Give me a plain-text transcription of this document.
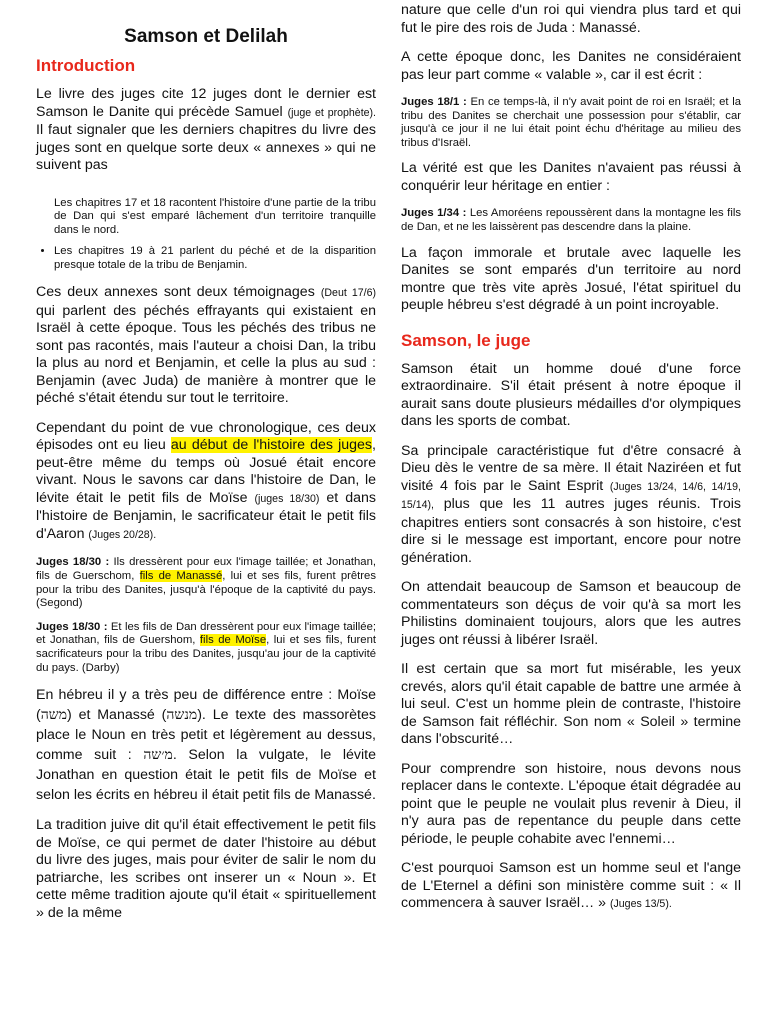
Samson et Delilah
Introduction

Le livre des juges cite 12 juges dont le dernier est Samson le Danite qui précède Samuel (juge et prophète). Il faut signaler que les derniers chapitres du livre des juges sont en quelque sorte deux « annexes » qui ne suivent pas

Les chapitres 17 et 18 racontent l'histoire d'une partie de la tribu de Dan qui s'est emparé lâchement d'un territoire tranquille dans le nord.
• Les chapitres 19 à 21 parlent du péché et de la disparition presque totale de la tribu de Benjamin.

Ces deux annexes sont deux témoignages (Deut 17/6) qui parlent des péchés effrayants qui existaient en Israël à cette époque. Tous les péchés des tribus ne sont pas racontés, mais l'auteur a choisi Dan, la tribu la plus au nord et Benjamin, et celle la plus au sud : Benjamin (avec Juda) de manière à montrer que le péché s'était étendu sur tout le territoire.

Cependant du point de vue chronologique, ces deux épisodes ont eu lieu au début de l'histoire des juges, peut-être même du temps où Josué était encore vivant. Nous le savons car dans l'histoire de Dan, le lévite était le petit fils de Moïse (juges 18/30) et dans l'histoire de Benjamin, le sacrificateur était le petit fils d'Aaron (Juges 20/28).

Juges 18/30 : Ils dressèrent pour eux l'image taillée; et Jonathan, fils de Guerschom, fils de Manassé, lui et ses fils, furent prêtres pour la tribu des Danites, jusqu'à l'époque de la captivité du pays. (Segond)

Juges 18/30 : Et les fils de Dan dressèrent pour eux l'image taillée; et Jonathan, fils de Guershom, fils de Moïse, lui et ses fils, furent sacrificateurs pour la tribu des Danites, jusqu'au jour de la captivité du pays. (Darby)

En hébreu il y a très peu de différence entre : Moïse (משה) et Manassé (מנשה). Le texte des massorètes place le Noun en très petit et légèrement au dessus, comme suit : מ׳שה. Selon la vulgate, le lévite Jonathan en question était le petit fils de Moïse et selon les écrits en hébreu il était petit fils de Manassé.

La tradition juive dit qu'il était effectivement le petit fils de Moïse, ce qui permet de dater l'histoire au début du livre des juges, mais pour éviter de salir le nom du patriarche, les scribes ont inserer un « Noun ». Et cette même tradition ajoute qu'il était « spirituellement » de la même

nature que celle d'un roi qui viendra plus tard et qui fut le pire des rois de Juda : Manassé.

A cette époque donc, les Danites ne considéraient pas leur part comme « valable », car il est écrit :

Juges 18/1 : En ce temps-là, il n'y avait point de roi en Israël; et la tribu des Danites se cherchait une possession pour s'établir, car jusqu'à ce jour il ne lui était point échu d'héritage au milieu des tribus d'Israël.

La vérité est que les Danites n'avaient pas réussi à conquérir leur héritage en entier :

Juges 1/34 : Les Amoréens repoussèrent dans la montagne les fils de Dan, et ne les laissèrent pas descendre dans la plaine.

La façon immorale et brutale avec laquelle les Danites se sont emparés d'un territoire au nord montre que très vite après Josué, l'état spirituel du peuple hébreu s'est dégradé à un point incroyable.

Samson, le juge

Samson était un homme doué d'une force extraordinaire. S'il était présent à notre époque il aurait sans doute plusieurs médailles d'or olympiques dans les sports de combat.

Sa principale caractéristique fut d'être consacré à Dieu dès le ventre de sa mère. Il était Naziréen et fut visité 4 fois par le Saint Esprit (Juges 13/24, 14/6, 14/19, 15/14), plus que les 11 autres juges réunis. Trois chapitres entiers sont consacrés à son histoire, c'est dire si le message est important, encore pour notre génération.

On attendait beaucoup de Samson et beaucoup de commentateurs son déçus de voir qu'à sa mort les Philistins dominaient toujours, alors que les autres juges ont réussi à libérer Israël.

Il est certain que sa mort fut misérable, les yeux crevés, alors qu'il était capable de battre une armée à lui seul. C'est un homme plein de contraste, l'histoire de Samson fait réfléchir. Son nom « Soleil » termine dans l'obscurité…

Pour comprendre son histoire, nous devons nous replacer dans le contexte. L'époque était dégradée au point que le peuple ne voulait plus revenir à Dieu, il n'y aura pas de repentance du peuple dans cette période, le peuple cohabite avec l'ennemi…

C'est pourquoi Samson est un homme seul et l'ange de L'Eternel a défini son ministère comme suit : « Il commencera à sauver Israël… » (Juges 13/5).
